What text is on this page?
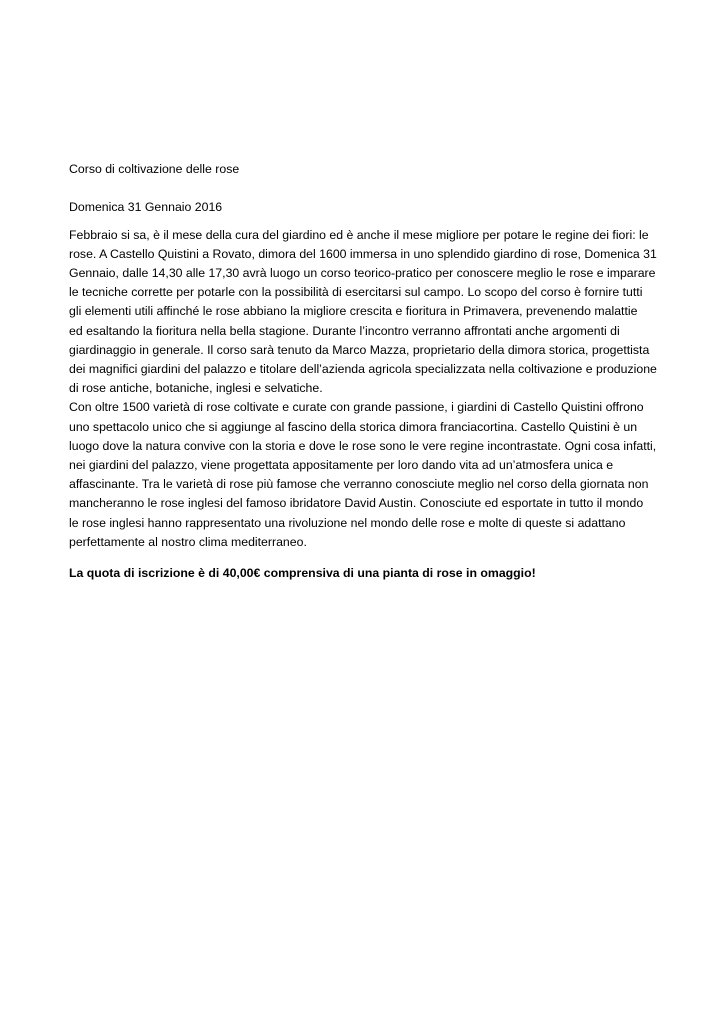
Corso di coltivazione delle rose

Domenica 31 Gennaio 2016

Febbraio si sa, è il mese della cura del giardino ed è anche il mese migliore per potare le regine dei fiori: le
rose. A Castello Quistini a Rovato, dimora del 1600 immersa in uno splendido giardino di rose, Domenica 31
Gennaio, dalle 14,30 alle 17,30 avrà luogo un corso teorico-pratico per conoscere meglio le rose e imparare
le tecniche corrette per potarle con la possibilità di esercitarsi sul campo. Lo scopo del corso è fornire tutti
gli elementi utili affinché le rose abbiano la migliore crescita e fioritura in Primavera, prevenendo malattie
ed esaltando la fioritura nella bella stagione. Durante l’incontro verranno affrontati anche argomenti di
giardinaggio in generale. Il corso sarà tenuto da Marco Mazza, proprietario della dimora storica, progettista
dei magnifici giardini del palazzo e titolare dell’azienda agricola specializzata nella coltivazione e produzione
di rose antiche, botaniche, inglesi e selvatiche.
Con oltre 1500 varietà di rose coltivate e curate con grande passione, i giardini di Castello Quistini offrono
uno spettacolo unico che si aggiunge al fascino della storica dimora franciacortina. Castello Quistini è un
luogo dove la natura convive con la storia e dove le rose sono le vere regine incontrastate. Ogni cosa infatti,
nei giardini del palazzo, viene progettata appositamente per loro dando vita ad un’atmosfera unica e
affascinante. Tra le varietà di rose più famose che verranno conosciute meglio nel corso della giornata non
mancheranno le rose inglesi del famoso ibridatore David Austin. Conosciute ed esportate in tutto il mondo
le rose inglesi hanno rappresentato una rivoluzione nel mondo delle rose e molte di queste si adattano
perfettamente al nostro clima mediterraneo.

La quota di iscrizione è di 40,00€ comprensiva di una pianta di rose in omaggio!
